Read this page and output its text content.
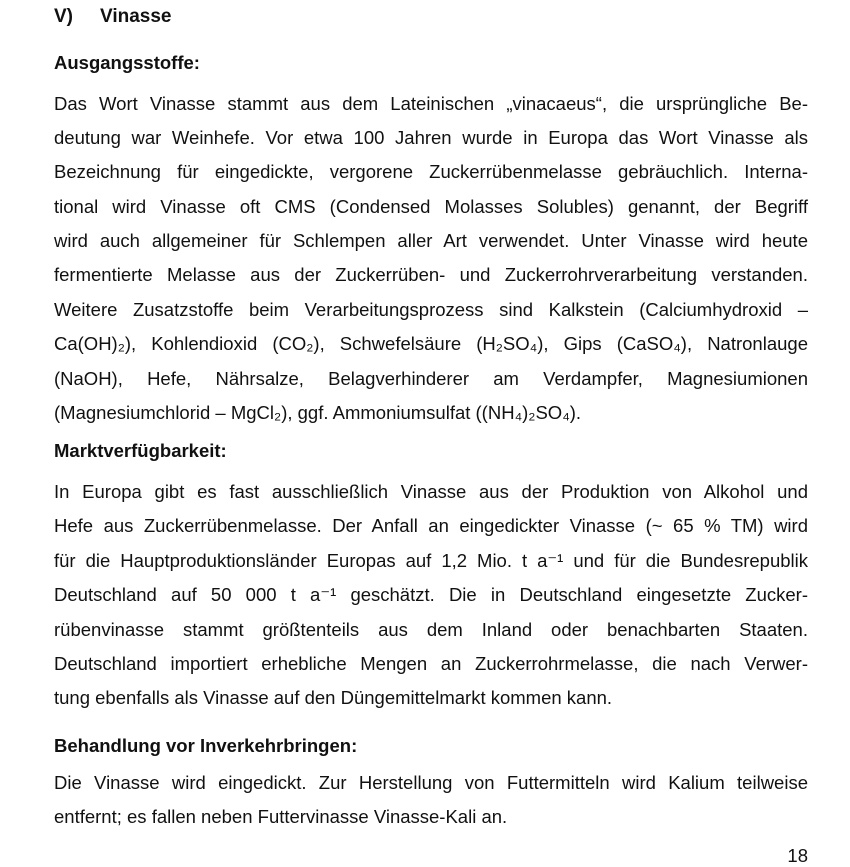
V) Vinasse
Ausgangsstoffe:
Das Wort Vinasse stammt aus dem Lateinischen „vinacaeus“, die ursprüngliche Be-
deutung war Weinhefe. Vor etwa 100 Jahren wurde in Europa das Wort Vinasse als
Bezeichnung für eingedickte, vergorene Zuckerrübenmelasse gebräuchlich. Interna-
tional wird Vinasse oft CMS (Condensed Molasses Solubles) genannt, der Begriff
wird auch allgemeiner für Schlempen aller Art verwendet. Unter Vinasse wird heute
fermentierte Melasse aus der Zuckerrüben- und Zuckerrohrverarbeitung verstanden.
Weitere Zusatzstoffe beim Verarbeitungsprozess sind Kalkstein (Calciumhydroxid –
Ca(OH)₂), Kohlendioxid (CO₂), Schwefelsäure (H₂SO₄), Gips (CaSO₄), Natronlauge
(NaOH), Hefe, Nährsalze, Belagverhinderer am Verdampfer, Magnesiumionen
(Magnesiumchlorid – MgCl₂), ggf. Ammoniumsulfat ((NH₄)₂SO₄).
Marktverfügbarkeit:
In Europa gibt es fast ausschließlich Vinasse aus der Produktion von Alkohol und
Hefe aus Zuckerrübenmelasse. Der Anfall an eingedickter Vinasse (~ 65 % TM) wird
für die Hauptproduktionsländer Europas auf 1,2 Mio. t a⁻¹ und für die Bundesrepublik
Deutschland auf 50 000 t a⁻¹ geschätzt. Die in Deutschland eingesetzte Zucker-
rübenvinasse stammt größtenteils aus dem Inland oder benachbarten Staaten.
Deutschland importiert erhebliche Mengen an Zuckerrohrmelasse, die nach Verwer-
tung ebenfalls als Vinasse auf den Düngemittelmarkt kommen kann.
Behandlung vor Inverkehrbringen:
Die Vinasse wird eingedickt. Zur Herstellung von Futtermitteln wird Kalium teilweise
entfernt; es fallen neben Futtervinasse Vinasse-Kali an.
18
